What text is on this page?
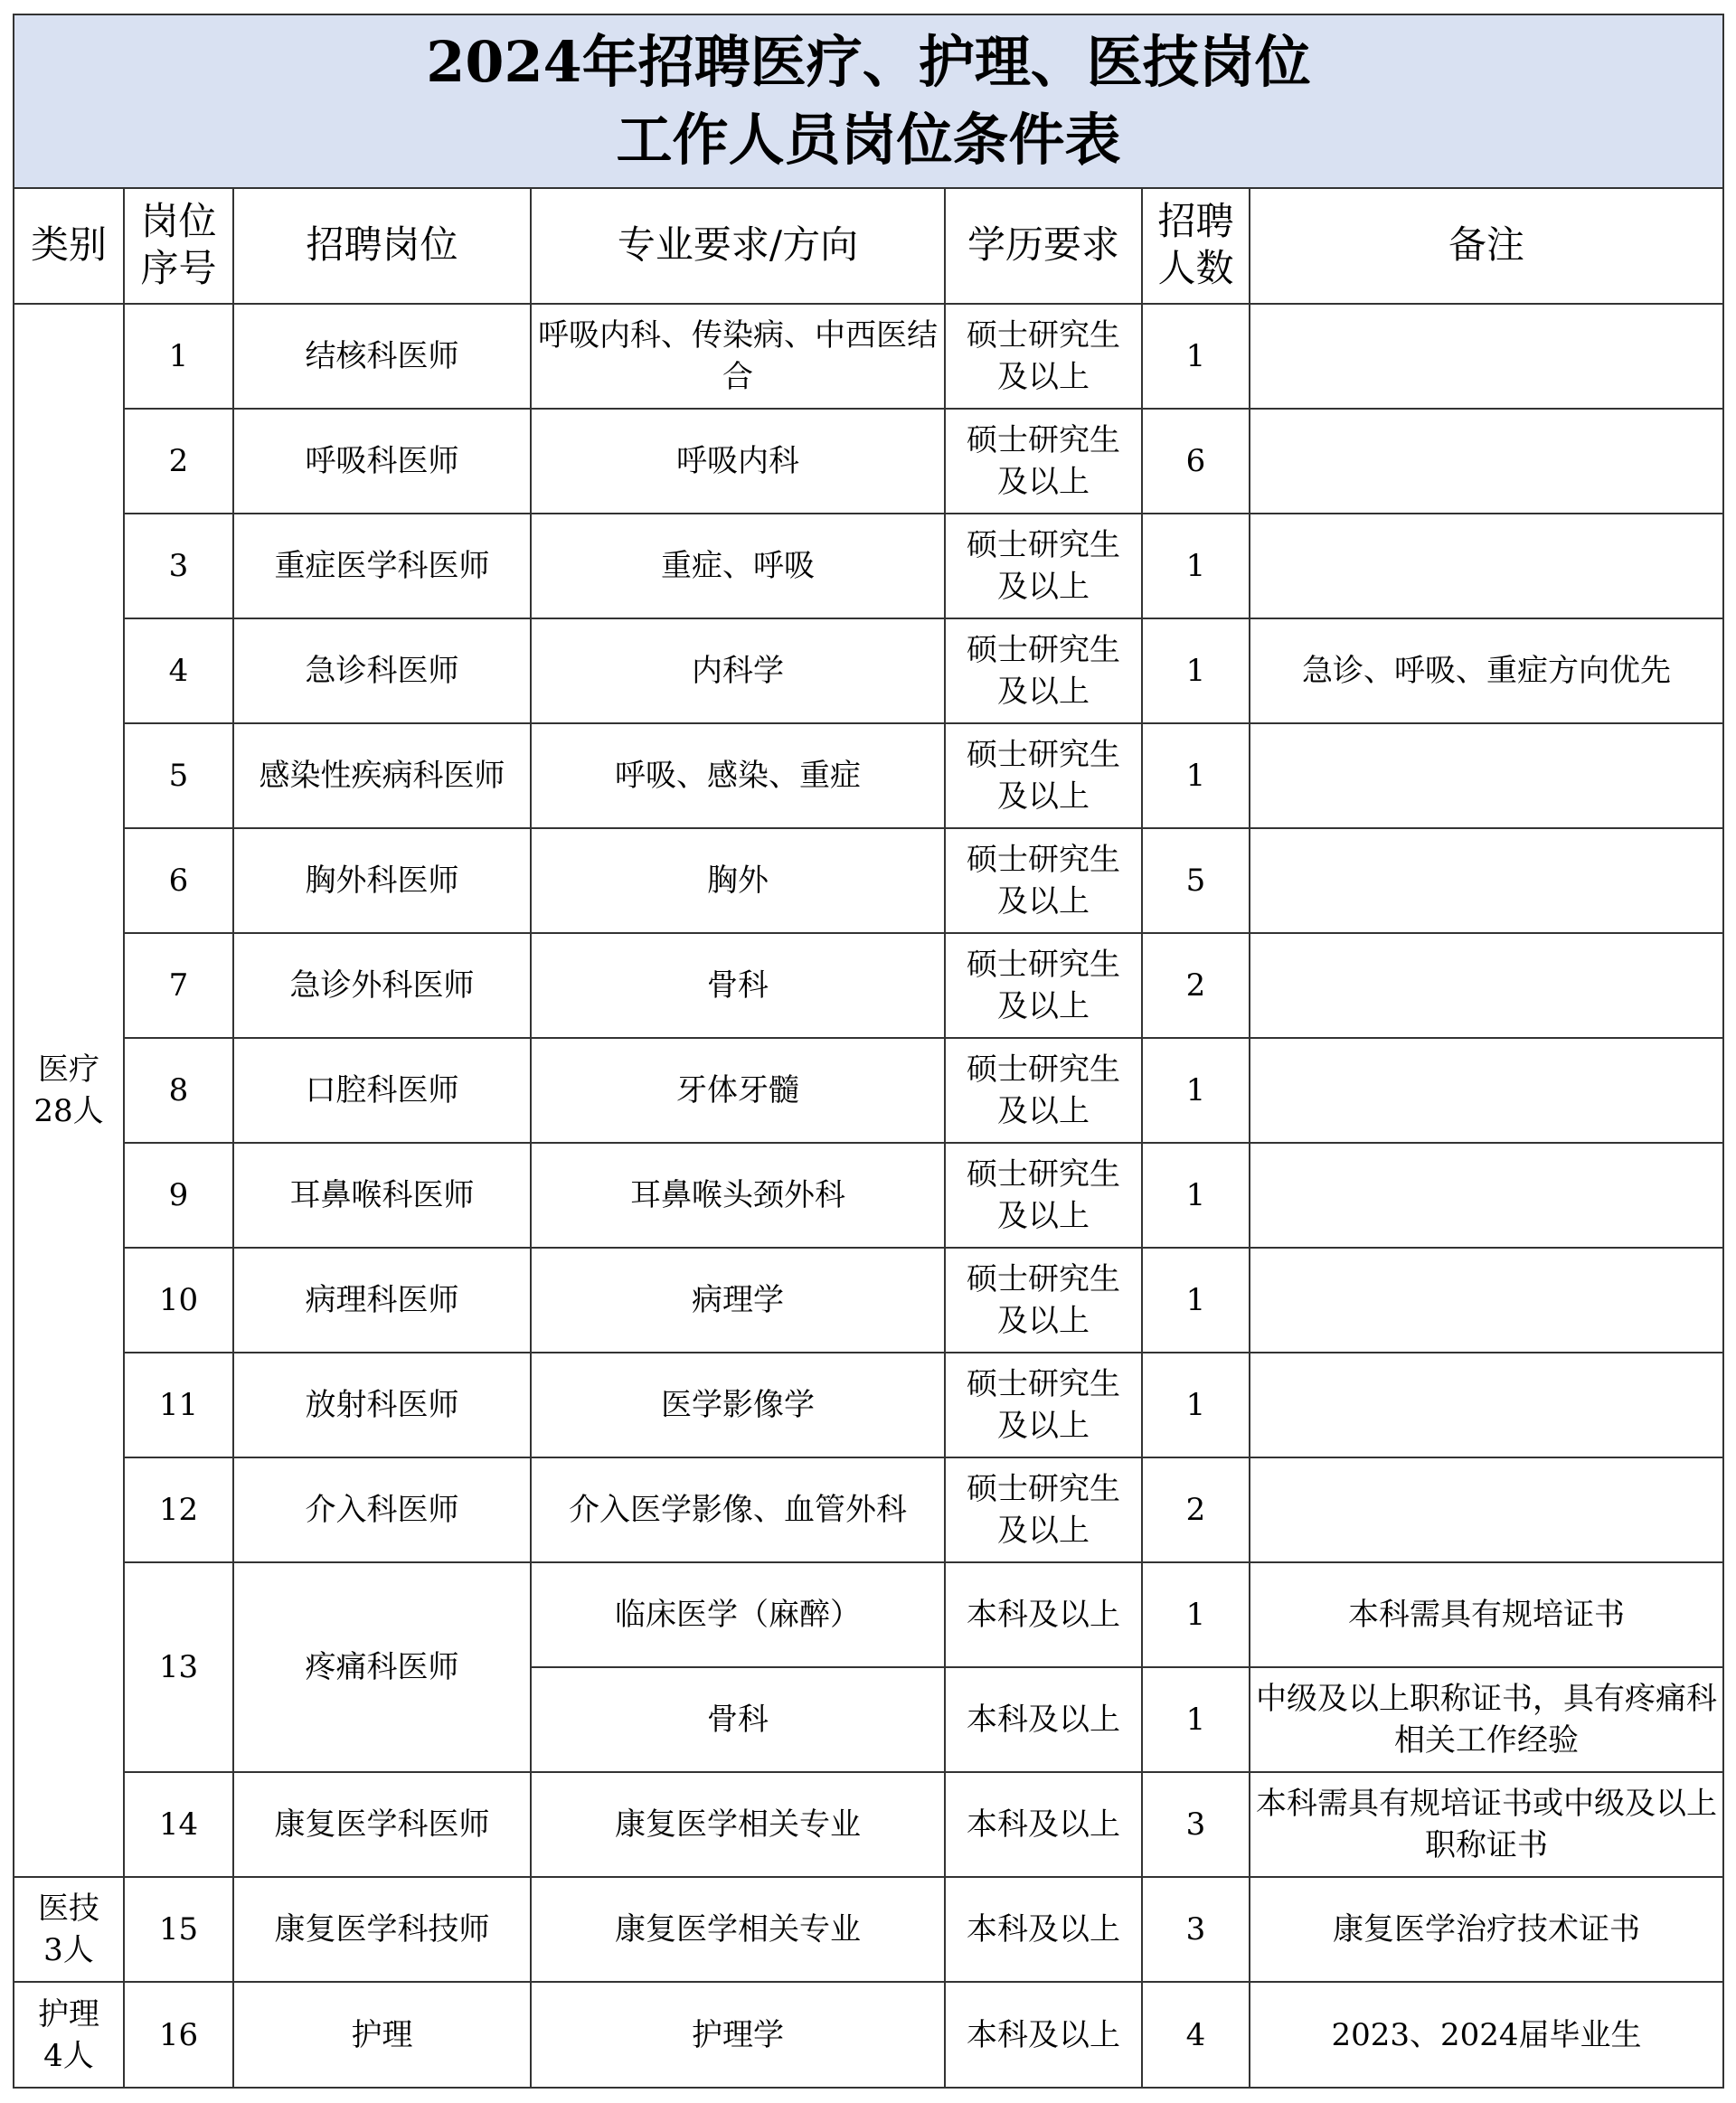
2024年招聘医疗、护理、医技岗位
工作人员岗位条件表
类别	岗位序号	招聘岗位	专业要求/方向	学历要求	招聘人数	备注
医疗28人	1	结核科医师	呼吸内科、传染病、中西医结合	硕士研究生及以上	1	
	2	呼吸科医师	呼吸内科	硕士研究生及以上	6	
	3	重症医学科医师	重症、呼吸	硕士研究生及以上	1	
	4	急诊科医师	内科学	硕士研究生及以上	1	急诊、呼吸、重症方向优先
	5	感染性疾病科医师	呼吸、感染、重症	硕士研究生及以上	1	
	6	胸外科医师	胸外	硕士研究生及以上	5	
	7	急诊外科医师	骨科	硕士研究生及以上	2	
	8	口腔科医师	牙体牙髓	硕士研究生及以上	1	
	9	耳鼻喉科医师	耳鼻喉头颈外科	硕士研究生及以上	1	
	10	病理科医师	病理学	硕士研究生及以上	1	
	11	放射科医师	医学影像学	硕士研究生及以上	1	
	12	介入科医师	介入医学影像、血管外科	硕士研究生及以上	2	
	13	疼痛科医师	临床医学（麻醉）	本科及以上	1	本科需具有规培证书
			骨科	本科及以上	1	中级及以上职称证书，具有疼痛科相关工作经验
	14	康复医学科医师	康复医学相关专业	本科及以上	3	本科需具有规培证书或中级及以上职称证书
医技3人	15	康复医学科技师	康复医学相关专业	本科及以上	3	康复医学治疗技术证书
护理4人	16	护理	护理学	本科及以上	4	2023、2024届毕业生
